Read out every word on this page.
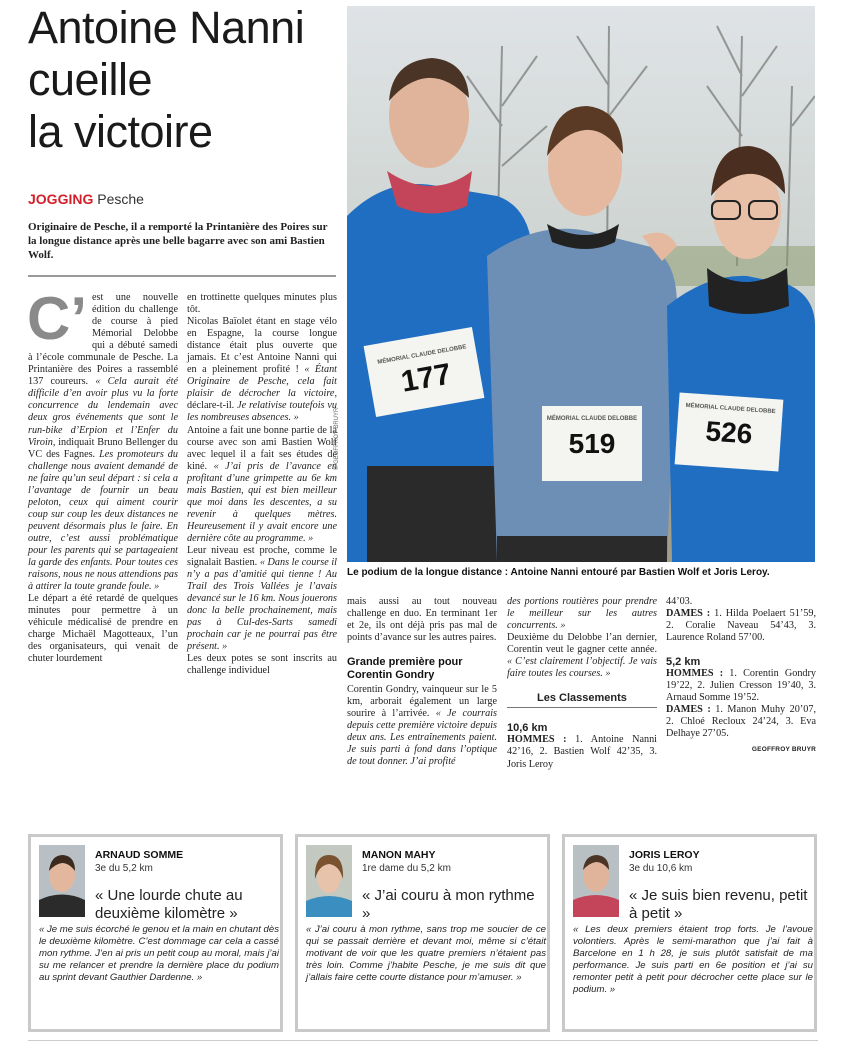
Antoine Nanni
cueille
la victoire
JOGGING Pesche

Originaire de Pesche, il a remporté la Printanière des Poires sur la longue distance après une belle bagarre avec son ami Bastien Wolf.

C’ est une nouvelle édition du challenge de course à pied Mémorial Delobbe qui a débuté samedi à l’école communale de Pesche. La Printanière des Poires a rassemblé 137 coureurs. « Cela aurait été difficile d’en avoir plus vu la forte concurrence du lendemain avec deux gros événements que sont le run-bike d’Erpion et l’Enfer du Viroin, indiquait Bruno Bellenger du VC des Fagnes. Les promoteurs du challenge nous avaient demandé de ne faire qu’un seul départ : si cela a l’avantage de fournir un beau peloton, ceux qui aiment courir coup sur coup les deux distances ne peuvent désormais plus le faire. En outre, c’est aussi problématique pour les parents qui se partageaient la garde des enfants. Pour toutes ces raisons, nous ne nous attendions pas à attirer la toute grande foule. »

Le départ a été retardé de quelques minutes pour permettre à un véhicule médicalisé de prendre en charge Michaël Magotteaux, l’un des organisateurs, qui venait de chuter lourdement

en trottinette quelques minutes plus tôt.

Nicolas Baïolet étant en stage vélo en Espagne, la course longue distance était plus ouverte que jamais. Et c’est Antoine Nanni qui en a pleinement profité ! « Étant Originaire de Pesche, cela fait plaisir de décrocher la victoire, déclare-t-il. Je relativise toutefois vu les nombreuses absences. »

Antoine a fait une bonne partie de la course avec son ami Bastien Wolf avec lequel il a fait ses études de kiné. « J’ai pris de l’avance en profitant d’une grimpette au 6e km mais Bastien, qui est bien meilleur que moi dans les descentes, a su revenir à quelques mètres. Heureusement il y avait encore une dernière côte au programme. »

Leur niveau est proche, comme le signalait Bastien. « Dans le course il n’y a pas d’amitié qui tienne ! Au Trail des Trois Vallées je l’avais devancé sur le 16 km. Nous jouerons donc la belle prochainement, mais pas à Cul-des-Sarts samedi prochain car je ne pourrai pas être présent. »

Les deux potes se sont inscrits au challenge individuel

MÉMORIAL CLAUDE DELOBBE
177
MÉMORIAL CLAUDE DELOBBE
519
MÉMORIAL CLAUDE DELOBBE
526
© GEOFFROY BRUYR
Le podium de la longue distance : Antoine Nanni entouré par Bastien Wolf et Joris Leroy.

mais aussi au tout nouveau challenge en duo. En terminant 1er et 2e, ils ont déjà pris pas mal de points d’avance sur les autres paires.

Grande première pour Corentin Gondry

Corentin Gondry, vainqueur sur le 5 km, arborait également un large sourire à l’arrivée. « Je courrais depuis cette première victoire depuis deux ans. Les entraînements paient. Je suis parti à fond dans l’optique de tout donner. J’ai profité

des portions routières pour prendre le meilleur sur les autres concurrents. »

Deuxième du Delobbe l’an dernier, Corentin veut le gagner cette année. « C’est clairement l’objectif. Je vais faire toutes les courses. »

Les Classements
10,6 km

HOMMES : 1. Antoine Nanni 42’16, 2. Bastien Wolf 42’35, 3. Joris Leroy

44’03.

DAMES : 1. Hilda Poelaert 51’59, 2. Coralie Naveau 54’43, 3. Laurence Roland 57’00.

5,2 km

HOMMES : 1. Corentin Gondry 19’22, 2. Julien Cresson 19’40, 3. Arnaud Somme 19’52.

DAMES : 1. Manon Muhy 20’07, 2. Chloé Recloux 24’24, 3. Eva Delhaye 27’05.

GEOFFROY BRUYR
ARNAUD SOMME
3e du 5,2 km
« Une lourde chute au deuxième kilomètre »
« Je me suis écorché le genou et la main en chutant dès le deuxième kilomètre. C’est dommage car cela a cassé mon rythme. J’en ai pris un petit coup au moral, mais j’ai su me relancer et prendre la dernière place du podium au sprint devant Gauthier Dardenne. »
MANON MAHY
1re dame du 5,2 km
« J’ai couru à mon rythme »
« J’ai couru à mon rythme, sans trop me soucier de ce qui se passait derrière et devant moi, même si c’était motivant de voir que les quatre premiers n’étaient pas très loin. Comme j’habite Pesche, je me suis dit que j’allais faire cette courte distance pour m’amuser. »
JORIS LEROY
3e du 10,6 km
« Je suis bien revenu, petit à petit »
« Les deux premiers étaient trop forts. Je l’avoue volontiers. Après le semi-marathon que j’ai fait à Barcelone en 1 h 28, je suis plutôt satisfait de ma performance. Je suis parti en 6e position et j’ai su remonter petit à petit pour décrocher cette place sur le podium. »
